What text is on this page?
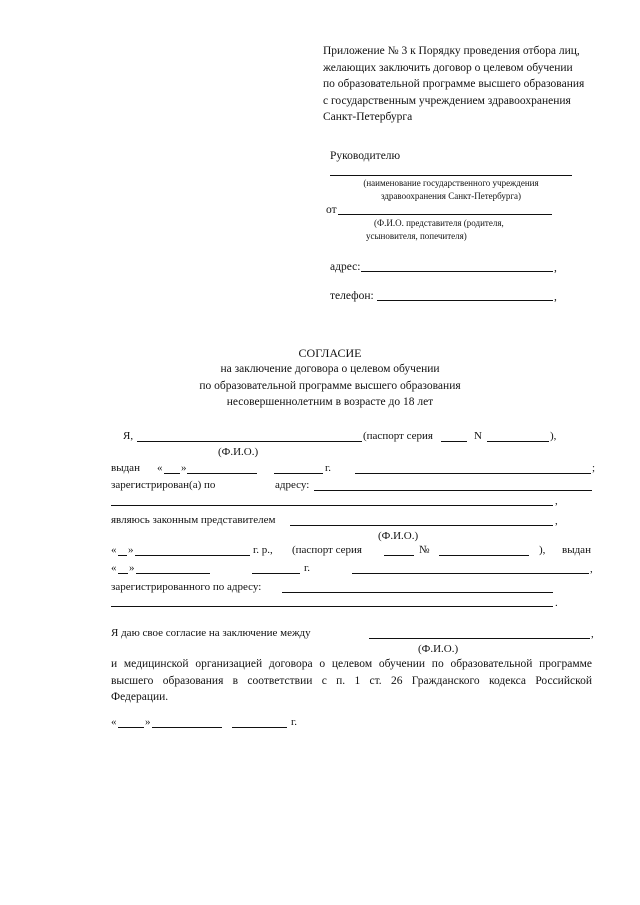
Приложение № 3 к Порядку проведения отбора лиц,
желающих заключить договор о целевом обучении
по образовательной программе высшего образования
с государственным учреждением здравоохранения
Санкт-Петербурга
Руководителю
(наименование государственного учреждения
здравоохранения Санкт-Петербурга)
от
(Ф.И.О. представителя (родителя,
усыновителя, попечителя)
адрес:	,
телефон:	,
СОГЛАСИЕ
на заключение договора о целевом обучении
по образовательной программе высшего образования
несовершеннолетним в возрасте до 18 лет
Я,	(паспорт серия	N	),
(Ф.И.О.)
выдан « »	г.	;
зарегистрирован(а) по	адресу:
,
являюсь законным представителем	,
(Ф.И.О.)
« »	г. р., (паспорт серия	№	), выдан
« »	г.	,
зарегистрированного по адресу:
.
Я даю свое согласие на заключение между	,
(Ф.И.О.)
и медицинской организацией договора о целевом обучении по образовательной программе
высшего образования в соответствии с п. 1 ст. 26 Гражданского кодекса Российской
Федерации.
«	»	г.
